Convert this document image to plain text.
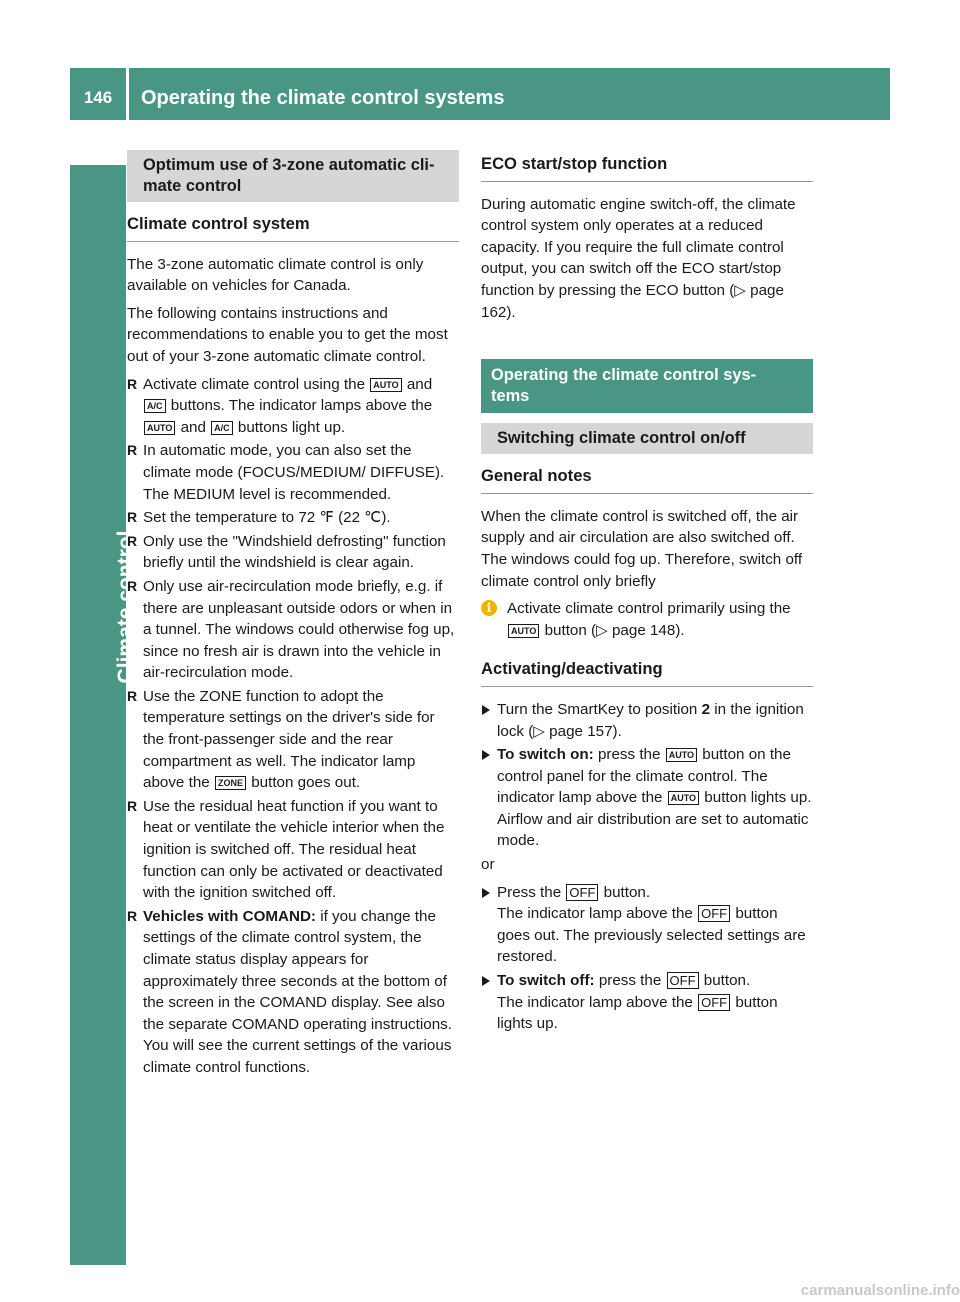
146	Operating the climate control systems
Climate control
Optimum use of 3-zone automatic cli-
mate control
Climate control system

The 3-zone automatic climate control is only available on vehicles for Canada.

The following contains instructions and recommendations to enable you to get the most out of your 3-zone automatic climate control.

R Activate climate control using the AUTO and A/C buttons. The indicator lamps above the AUTO and A/C buttons light up.
R In automatic mode, you can also set the climate mode (FOCUS/MEDIUM/ DIFFUSE). The MEDIUM level is recommended.
R Set the temperature to 72 ℉ (22 ℃).
R Only use the "Windshield defrosting" function briefly until the windshield is clear again.
R Only use air-recirculation mode briefly, e.g. if there are unpleasant outside odors or when in a tunnel. The windows could otherwise fog up, since no fresh air is drawn into the vehicle in air-recirculation mode.
R Use the ZONE function to adopt the temperature settings on the driver's side for the front-passenger side and the rear compartment as well. The indicator lamp above the ZONE button goes out.
R Use the residual heat function if you want to heat or ventilate the vehicle interior when the ignition is switched off. The residual heat function can only be activated or deactivated with the ignition switched off.
R Vehicles with COMAND: if you change the settings of the climate control system, the climate status display appears for approximately three seconds at the bottom of the screen in the COMAND display. See also the separate COMAND operating instructions. You will see the current settings of the various climate control functions.
ECO start/stop function

During automatic engine switch-off, the climate control system only operates at a reduced capacity. If you require the full climate control output, you can switch off the ECO start/stop function by pressing the ECO button (▷ page 162).

Operating the climate control sys-
tems
Switching climate control on/off
General notes

When the climate control is switched off, the air supply and air circulation are also switched off. The windows could fog up. Therefore, switch off climate control only briefly

i	Activate climate control primarily using the AUTO button (▷ page 148).
Activating/deactivating
Turn the SmartKey to position 2 in the ignition lock (▷ page 157).
To switch on: press the AUTO button on the control panel for the climate control. The indicator lamp above the AUTO button lights up. Airflow and air distribution are set to automatic mode.

or

Press the OFF button.
The indicator lamp above the OFF button goes out. The previously selected settings are restored.
To switch off: press the OFF button.
The indicator lamp above the OFF button lights up.
carmanualsonline.info
